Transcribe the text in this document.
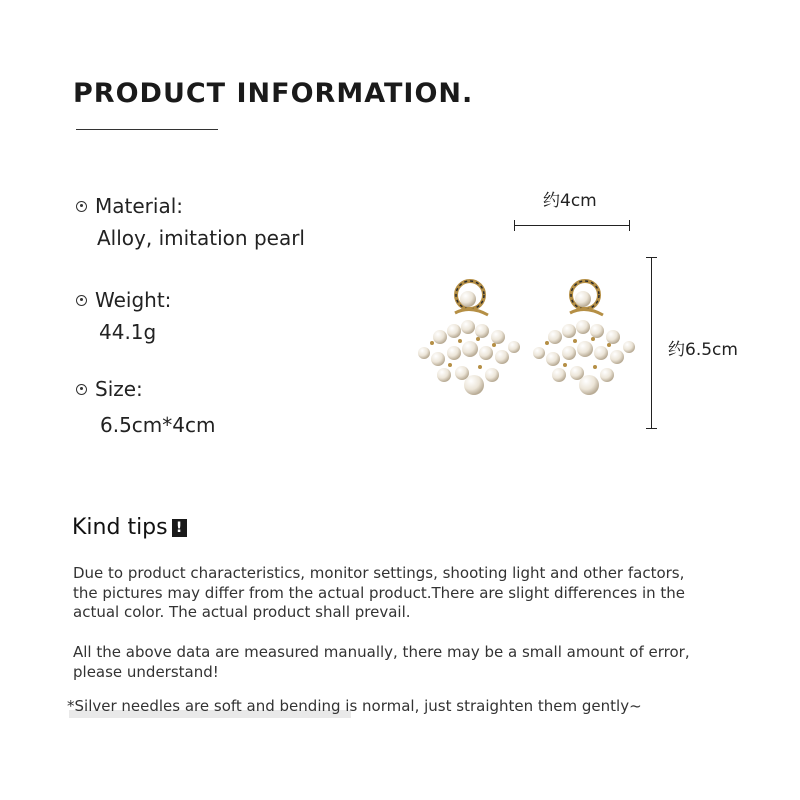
PRODUCT INFORMATION.
Material:
Alloy, imitation pearl
Weight:
44.1g
Size:
6.5cm*4cm
约4cm
约6.5cm
Kind tips !
Due to product characteristics, monitor settings, shooting light and other factors, the pictures may differ from the actual product.There are slight differences in the actual color. The actual product shall prevail.
All the above data are measured manually, there may be a small amount of error, please understand!
*Silver needles are soft and bending is normal, just straighten them gently~
